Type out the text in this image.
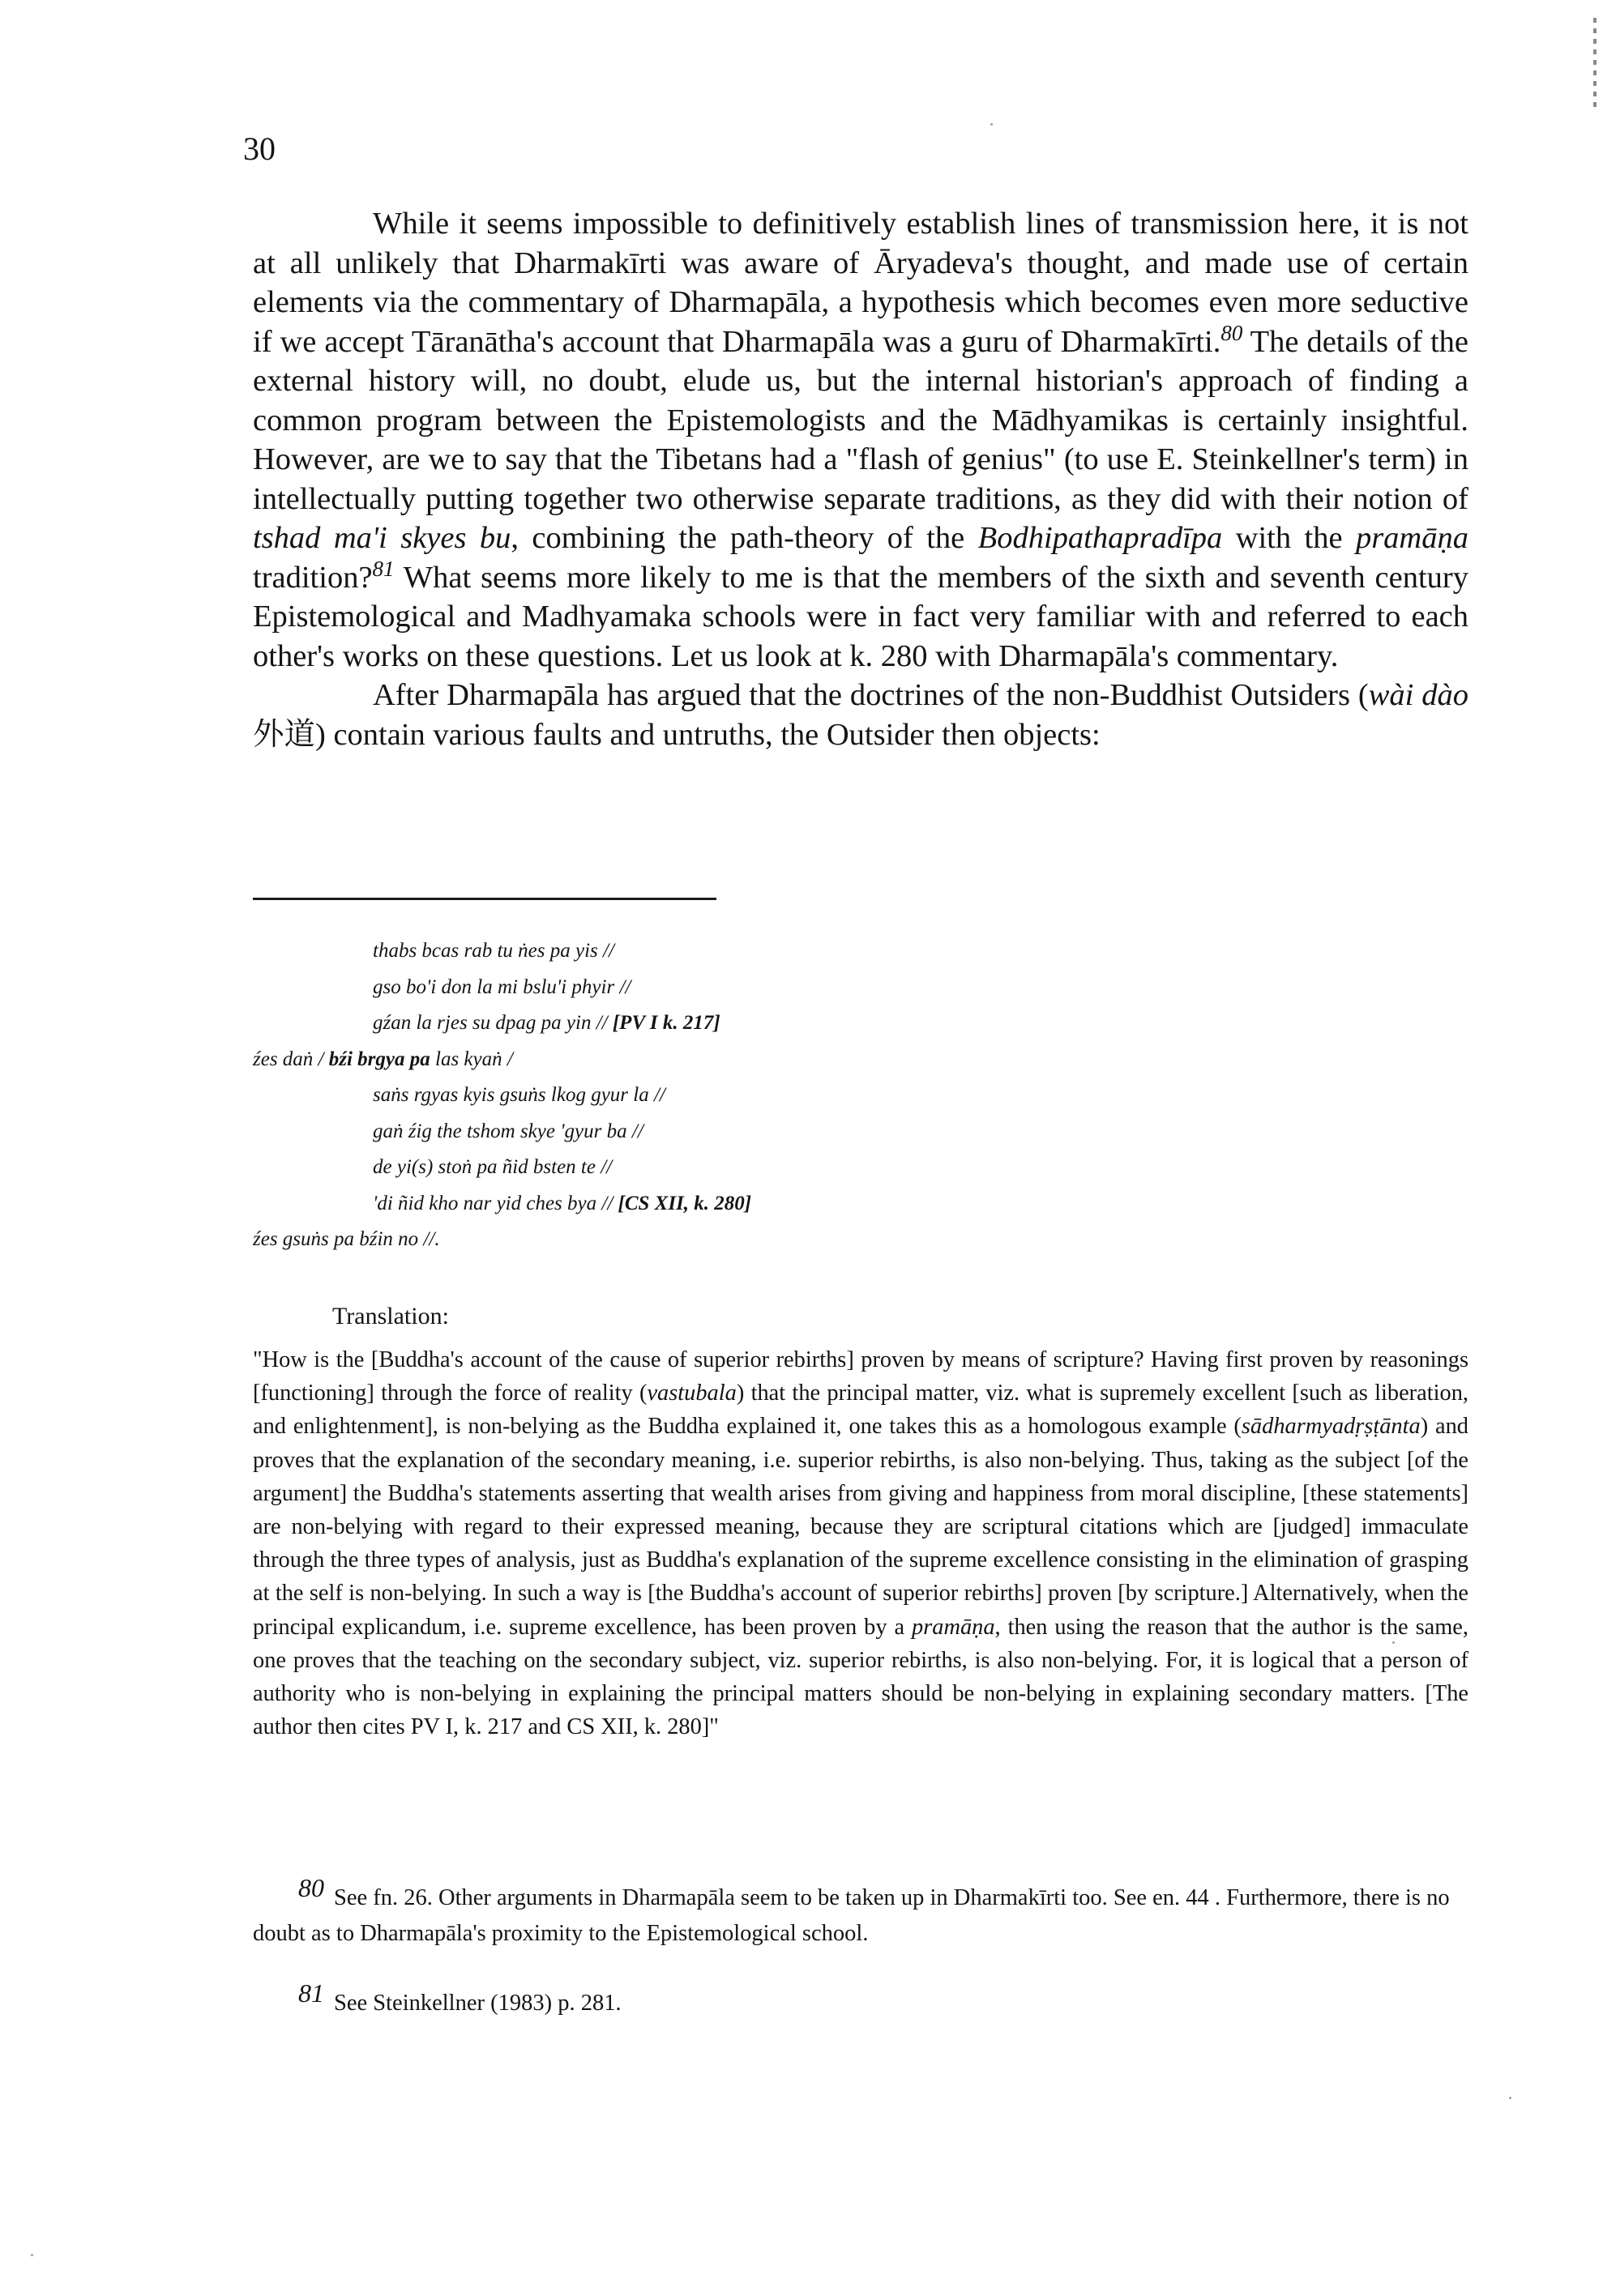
30

While it seems impossible to definitively establish lines of transmission here, it is not at all unlikely that Dharmakīrti was aware of Āryadeva's thought, and made use of certain elements via the commentary of Dharmapāla, a hypothesis which becomes even more seductive if we accept Tāranātha's account that Dharmapāla was a guru of Dharmakīrti.$^{80}$ The details of the external history will, no doubt, elude us, but the internal historian's approach of finding a common program between the Epistemologists and the Mādhyamikas is certainly insightful. However, are we to say that the Tibetans had a "flash of genius" (to use E. Steinkellner's term) in intellectually putting together two otherwise separate traditions, as they did with their notion of tshad ma'i skyes bu, combining the path-theory of the Bodhipathapradīpa with the pramāṇa tradition?$^{81}$ What seems more likely to me is that the members of the sixth and seventh century Epistemological and Madhyamaka schools were in fact very familiar with and referred to each other's works on these questions. Let us look at k. 280 with Dharmapāla's commentary.

After Dharmapāla has argued that the doctrines of the non-Buddhist Outsiders (wài dào 外道) contain various faults and untruths, the Outsider then objects:

thabs bcas rab tu ṅes pa yis //
gso bo'i don la mi bslu'i phyir //
gźan la rjes su dpag pa yin // [PV I k. 217]
źes daṅ / bźi brgya pa las kyaṅ /
saṅs rgyas kyis gsuṅs lkog gyur la //
gaṅ źig the tshom skye 'gyur ba //
de yi(s) stoṅ pa ñid bsten te //
'di ñid kho nar yid ches bya // [CS XII, k. 280]
źes gsuṅs pa bźin no //.
Translation:

"How is the [Buddha's account of the cause of superior rebirths] proven by means of scripture? Having first proven by reasonings [functioning] through the force of reality (vastubala) that the principal matter, viz. what is supremely excellent [such as liberation, and enlightenment], is non-belying as the Buddha explained it, one takes this as a homologous example (sādharmyadṛṣṭānta) and proves that the explanation of the secondary meaning, i.e. superior rebirths, is also non-belying. Thus, taking as the subject [of the argument] the Buddha's statements asserting that wealth arises from giving and happiness from moral discipline, [these statements] are non-belying with regard to their expressed meaning, because they are scriptural citations which are [judged] immaculate through the three types of analysis, just as Buddha's explanation of the supreme excellence consisting in the elimination of grasping at the self is non-belying. In such a way is [the Buddha's account of superior rebirths] proven [by scripture.] Alternatively, when the principal explicandum, i.e. supreme excellence, has been proven by a pramāṇa, then using the reason that the author is the same, one proves that the teaching on the secondary subject, viz. superior rebirths, is also non-belying. For, it is logical that a person of authority who is non-belying in explaining the principal matters should be non-belying in explaining secondary matters. [The author then cites PV I, k. 217 and CS XII, k. 280]"

80 See fn. 26. Other arguments in Dharmapāla seem to be taken up in Dharmakīrti too. See en. 44 . Furthermore, there is no doubt as to Dharmapāla's proximity to the Epistemological school.

81 See Steinkellner (1983) p. 281.
